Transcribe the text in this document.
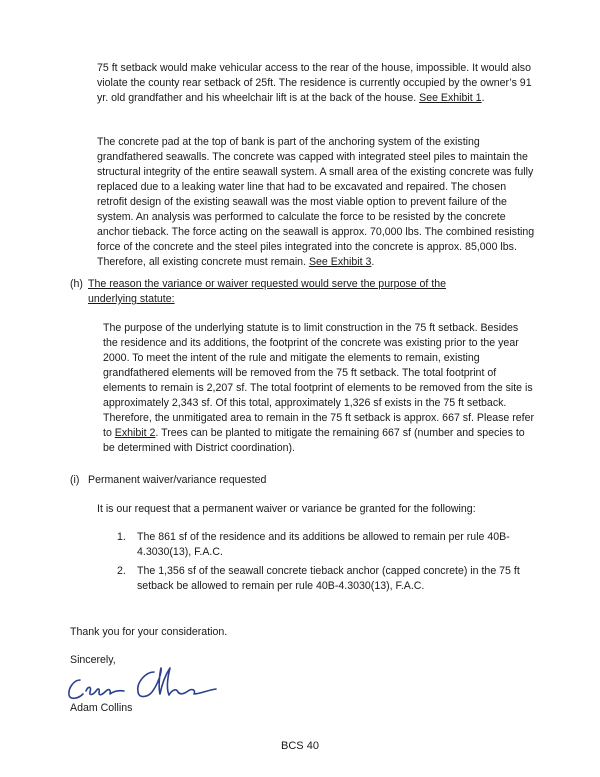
75 ft setback would make vehicular access to the rear of the house, impossible. It would also violate the county rear setback of 25ft. The residence is currently occupied by the owner’s 91 yr. old grandfather and his wheelchair lift is at the back of the house. See Exhibit 1.

The concrete pad at the top of bank is part of the anchoring system of the existing grandfathered seawalls. The concrete was capped with integrated steel piles to maintain the structural integrity of the entire seawall system. A small area of the existing concrete was fully replaced due to a leaking water line that had to be excavated and repaired. The chosen retrofit design of the existing seawall was the most viable option to prevent failure of the system. An analysis was performed to calculate the force to be resisted by the concrete anchor tieback. The force acting on the seawall is approx. 70,000 lbs. The combined resisting force of the concrete and the steel piles integrated into the concrete is approx. 85,000 lbs. Therefore, all existing concrete must remain. See Exhibit 3.

(h) The reason the variance or waiver requested would serve the purpose of the underlying statute:

The purpose of the underlying statute is to limit construction in the 75 ft setback. Besides the residence and its additions, the footprint of the concrete was existing prior to the year 2000. To meet the intent of the rule and mitigate the elements to remain, existing grandfathered elements will be removed from the 75 ft setback. The total footprint of elements to remain is 2,207 sf. The total footprint of elements to be removed from the site is approximately 2,343 sf. Of this total, approximately 1,326 sf exists in the 75 ft setback. Therefore, the unmitigated area to remain in the 75 ft setback is approx. 667 sf. Please refer to Exhibit 2. Trees can be planted to mitigate the remaining 667 sf (number and species to be determined with District coordination).

(i) Permanent waiver/variance requested

It is our request that a permanent waiver or variance be granted for the following:

1. The 861 sf of the residence and its additions be allowed to remain per rule 40B-4.3030(13), F.A.C.
2. The 1,356 sf of the seawall concrete tieback anchor (capped concrete) in the 75 ft setback be allowed to remain per rule 40B-4.3030(13), F.A.C.

Thank you for your consideration.

Sincerely,

Adam Collins

BCS 40
